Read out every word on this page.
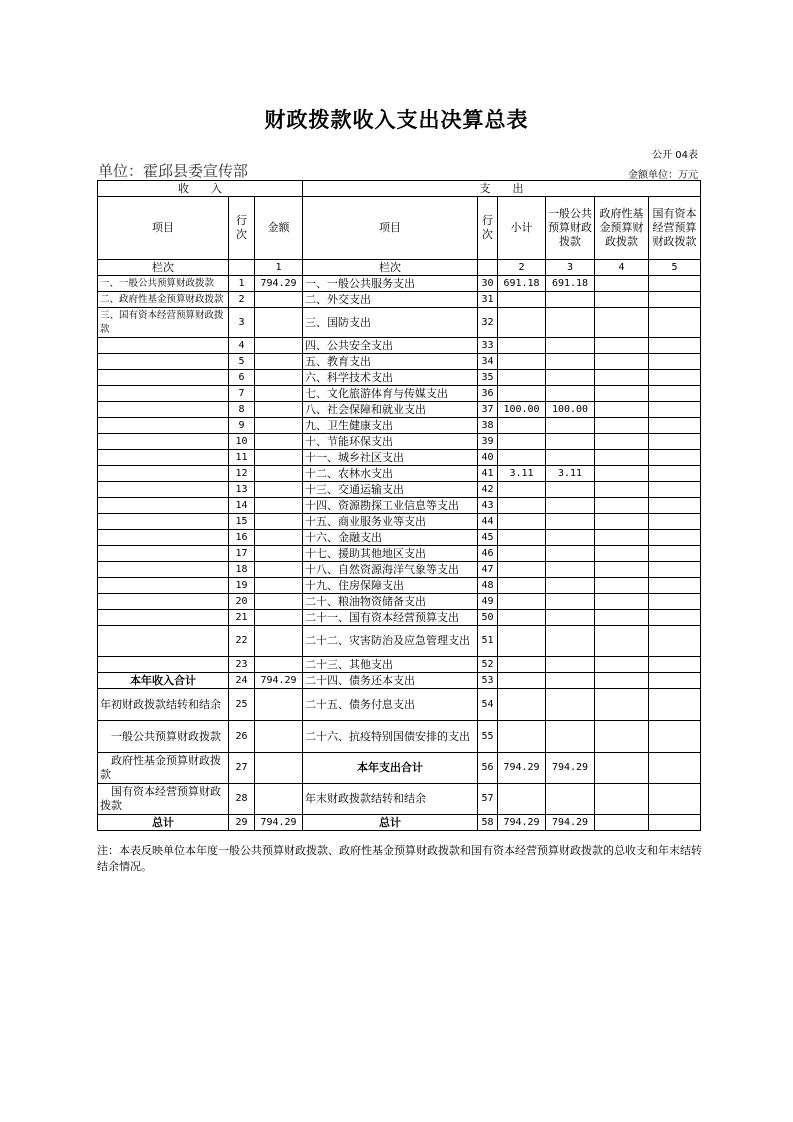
财政拨款收入支出决算总表
公开 04表
单位：霍邱县委宣传部	金额单位：万元
收　　入			支　　出					
项目	行次	金额	项目	行次	小计	一般公共预算财政拨款	政府性基金预算财政拨款	国有资本经营预算财政拨款
栏次		1	栏次		2	3	4	5
一、一般公共预算财政拨款	1	794.29	一、一般公共服务支出	30	691.18	691.18		
二、政府性基金预算财政拨款	2		二、外交支出	31				
三、国有资本经营预算财政拨款	3		三、国防支出	32				
	4		四、公共安全支出	33				
	5		五、教育支出	34				
	6		六、科学技术支出	35				
	7		七、文化旅游体育与传媒支出	36				
	8		八、社会保障和就业支出	37	100.00	100.00		
	9		九、卫生健康支出	38				
	10		十、节能环保支出	39				
	11		十一、城乡社区支出	40				
	12		十二、农林水支出	41	3.11	3.11		
	13		十三、交通运输支出	42				
	14		十四、资源勘探工业信息等支出	43				
	15		十五、商业服务业等支出	44				
	16		十六、金融支出	45				
	17		十七、援助其他地区支出	46				
	18		十八、自然资源海洋气象等支出	47				
	19		十九、住房保障支出	48				
	20		二十、粮油物资储备支出	49				
	21		二十一、国有资本经营预算支出	50				
	22		二十二、灾害防治及应急管理支出	51				
	23		二十三、其他支出	52				
本年收入合计	24	794.29	二十四、债务还本支出	53				
年初财政拨款结转和结余	25		二十五、债务付息支出	54				
　一般公共预算财政拨款	26		二十六、抗疫特别国债安排的支出	55				
　政府性基金预算财政拨款	27		本年支出合计	56	794.29	794.29		
　国有资本经营预算财政拨款	28		年末财政拨款结转和结余	57				
总计	29	794.29	总计	58	794.29	794.29		
注：本表反映单位本年度一般公共预算财政拨款、政府性基金预算财政拨款和国有资本经营预算财政拨款的总收支和年末结转结余情况。
